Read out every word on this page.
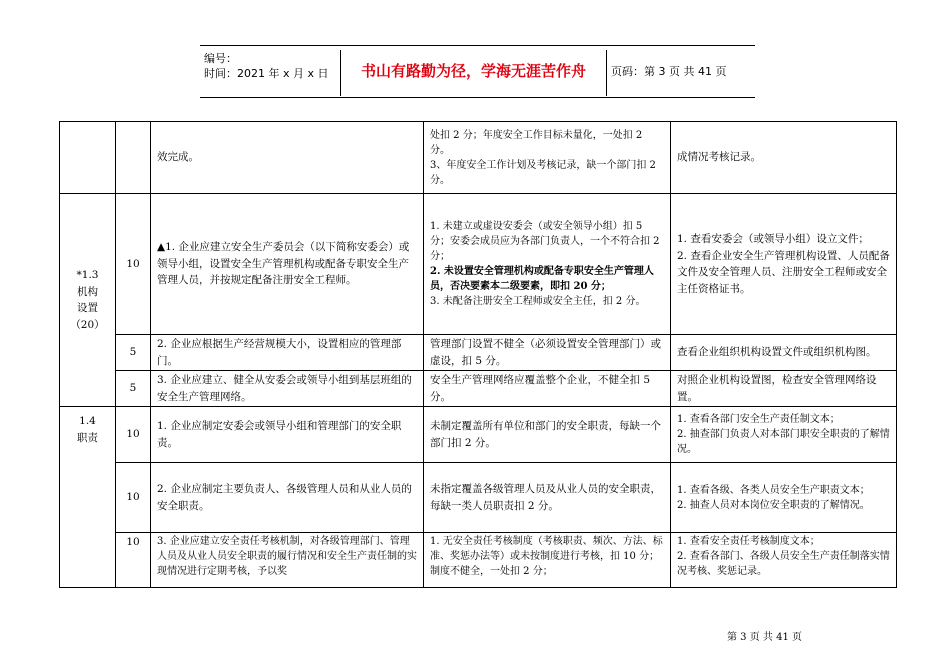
编号：
时间：2021 年 x 月 x 日	书山有路勤为径，学海无涯苦作舟	页码：第 3 页 共 41 页
		效完成。	处扣 2 分；年度安全工作目标未量化，一处扣 2 分。
3、年度安全工作计划及考核记录，缺一个部门扣 2 分。	成情况考核记录。
*1.3
机构
设置
（20）	10	▲1. 企业应建立安全生产委员会（以下简称安委会）或领导小组，设置安全生产管理机构或配备专职安全生产管理人员，并按规定配备注册安全工程师。	1. 未建立或虚设安委会（或安全领导小组）扣 5 分；安委会成员应为各部门负责人，一个不符合扣 2 分；
2. 未设置安全管理机构或配备专职安全生产管理人员，否决要素本二级要素，即扣 20 分；
3. 未配备注册安全工程师或安全主任，扣 2 分。	1. 查看安委会（或领导小组）设立文件；
2. 查看企业安全生产管理机构设置、人员配备文件及安全管理人员、注册安全工程师或安全主任资格证书。
	5	2. 企业应根据生产经营规模大小，设置相应的管理部门。	管理部门设置不健全（必须设置安全管理部门）或虚设，扣 5 分。	查看企业组织机构设置文件或组织机构图。
	5	3. 企业应建立、健全从安委会或领导小组到基层班组的安全生产管理网络。	安全生产管理网络应覆盖整个企业，不健全扣 5 分。	对照企业机构设置图，检查安全管理网络设置。
1.4
职责	10	1. 企业应制定安委会或领导小组和管理部门的安全职责。	未制定覆盖所有单位和部门的安全职责，每缺一个部门扣 2 分。	1. 查看各部门安全生产责任制文本；
2. 抽查部门负责人对本部门职安全职责的了解情况。
	10	2. 企业应制定主要负责人、各级管理人员和从业人员的安全职责。	未指定覆盖各级管理人员及从业人员的安全职责，每缺一类人员职责扣 2 分。	1. 查看各级、各类人员安全生产职责文本；
2. 抽查人员对本岗位安全职责的了解情况。
	10	3. 企业应建立安全责任考核机制，对各级管理部门、管理人员及从业人员安全职责的履行情况和安全生产责任制的实现情况进行定期考核，予以奖	1. 无安全责任考核制度（考核职责、频次、方法、标准、奖惩办法等）或未按制度进行考核，扣 10 分；制度不健全，一处扣 2 分；	1. 查看安全责任考核制度文本；
2. 查看各部门、各级人员安全生产责任制落实情况考核、奖惩记录。
第 3 页 共 41 页
